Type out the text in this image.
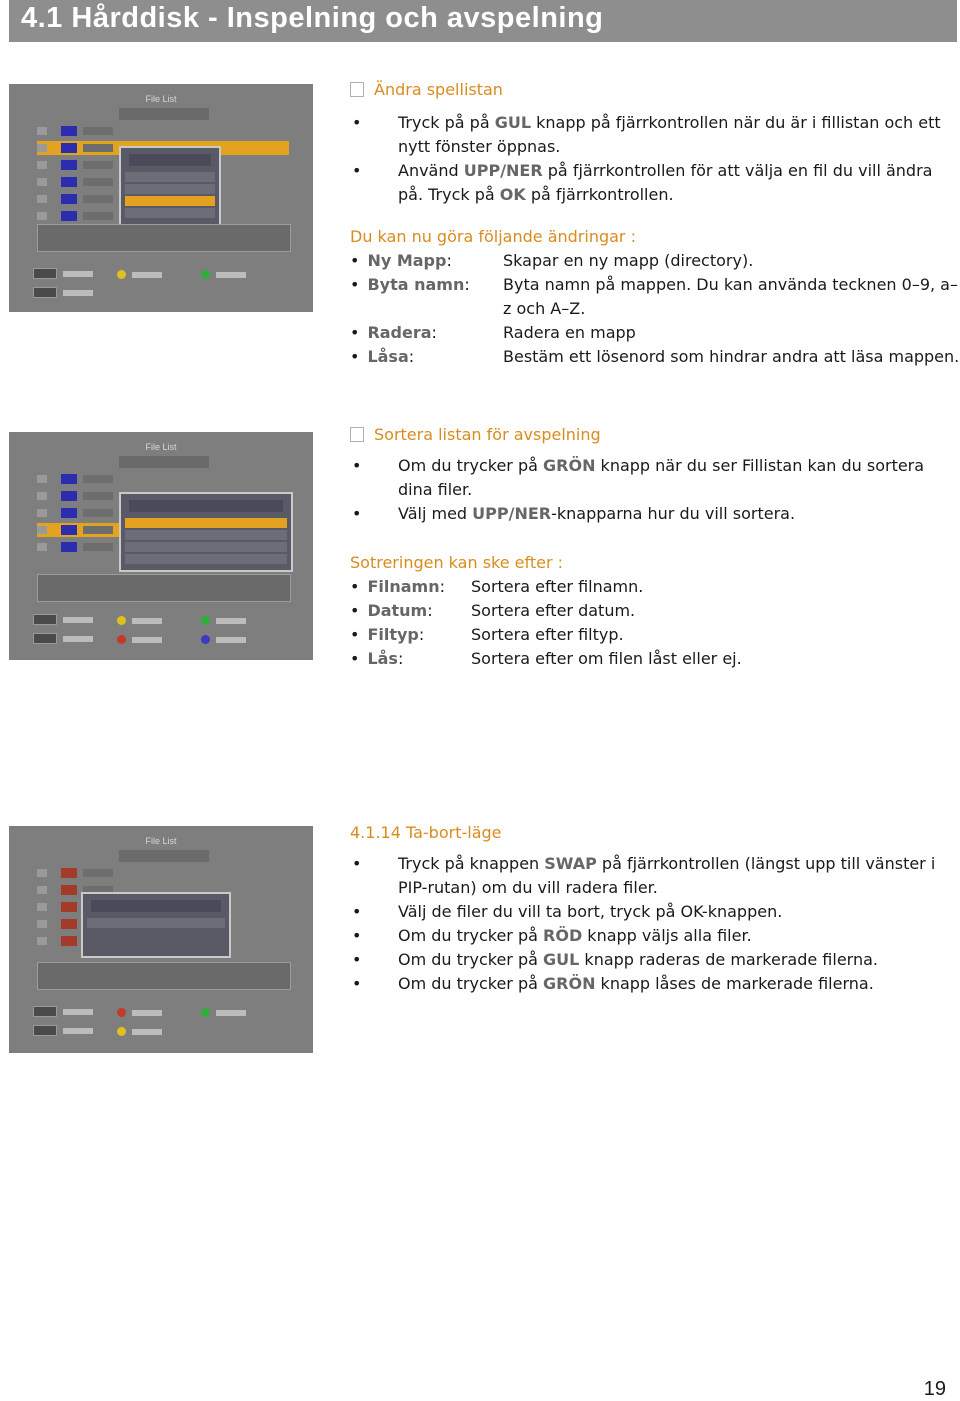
4.1 Hårddisk - Inspelning och avspelning
File List

File List

File List

Ändra spellistan
• Tryck på på GUL knapp på fjärrkontrollen när du är i fillistan och ett nytt fönster öppnas.
• Använd UPP/NER på fjärrkontrollen för att välja en fil du vill ändra på. Tryck på OK på fjärrkontrollen.
Du kan nu göra följande ändringar :
• Ny Mapp:	Skapar en ny mapp (directory).
• Byta namn: Byta namn på mappen. Du kan använda tecknen 0–9, a–z och A–Z.
• Radera:	Radera en mapp
• Låsa:	Bestäm ett lösenord som hindrar andra att läsa mappen.
Sortera listan för avspelning
• Om du trycker på GRÖN knapp när du ser Fillistan kan du sortera dina filer.
• Välj med UPP/NER-knapparna hur du vill sortera.
Sotreringen kan ske efter :
• Filnamn: Sortera efter filnamn.
• Datum: Sortera efter datum.
• Filtyp:	Sortera efter filtyp.
• Lås:	Sortera efter om filen låst eller ej.
4.1.14 Ta-bort-läge
• Tryck på knappen SWAP på fjärrkontrollen (längst upp till vänster i PIP-rutan) om du vill radera filer.
• Välj de filer du vill ta bort, tryck på OK-knappen.
• Om du trycker på RÖD knapp väljs alla filer.
• Om du trycker på GUL knapp raderas de markerade filerna.
• Om du trycker på GRÖN knapp låses de markerade filerna.
19
